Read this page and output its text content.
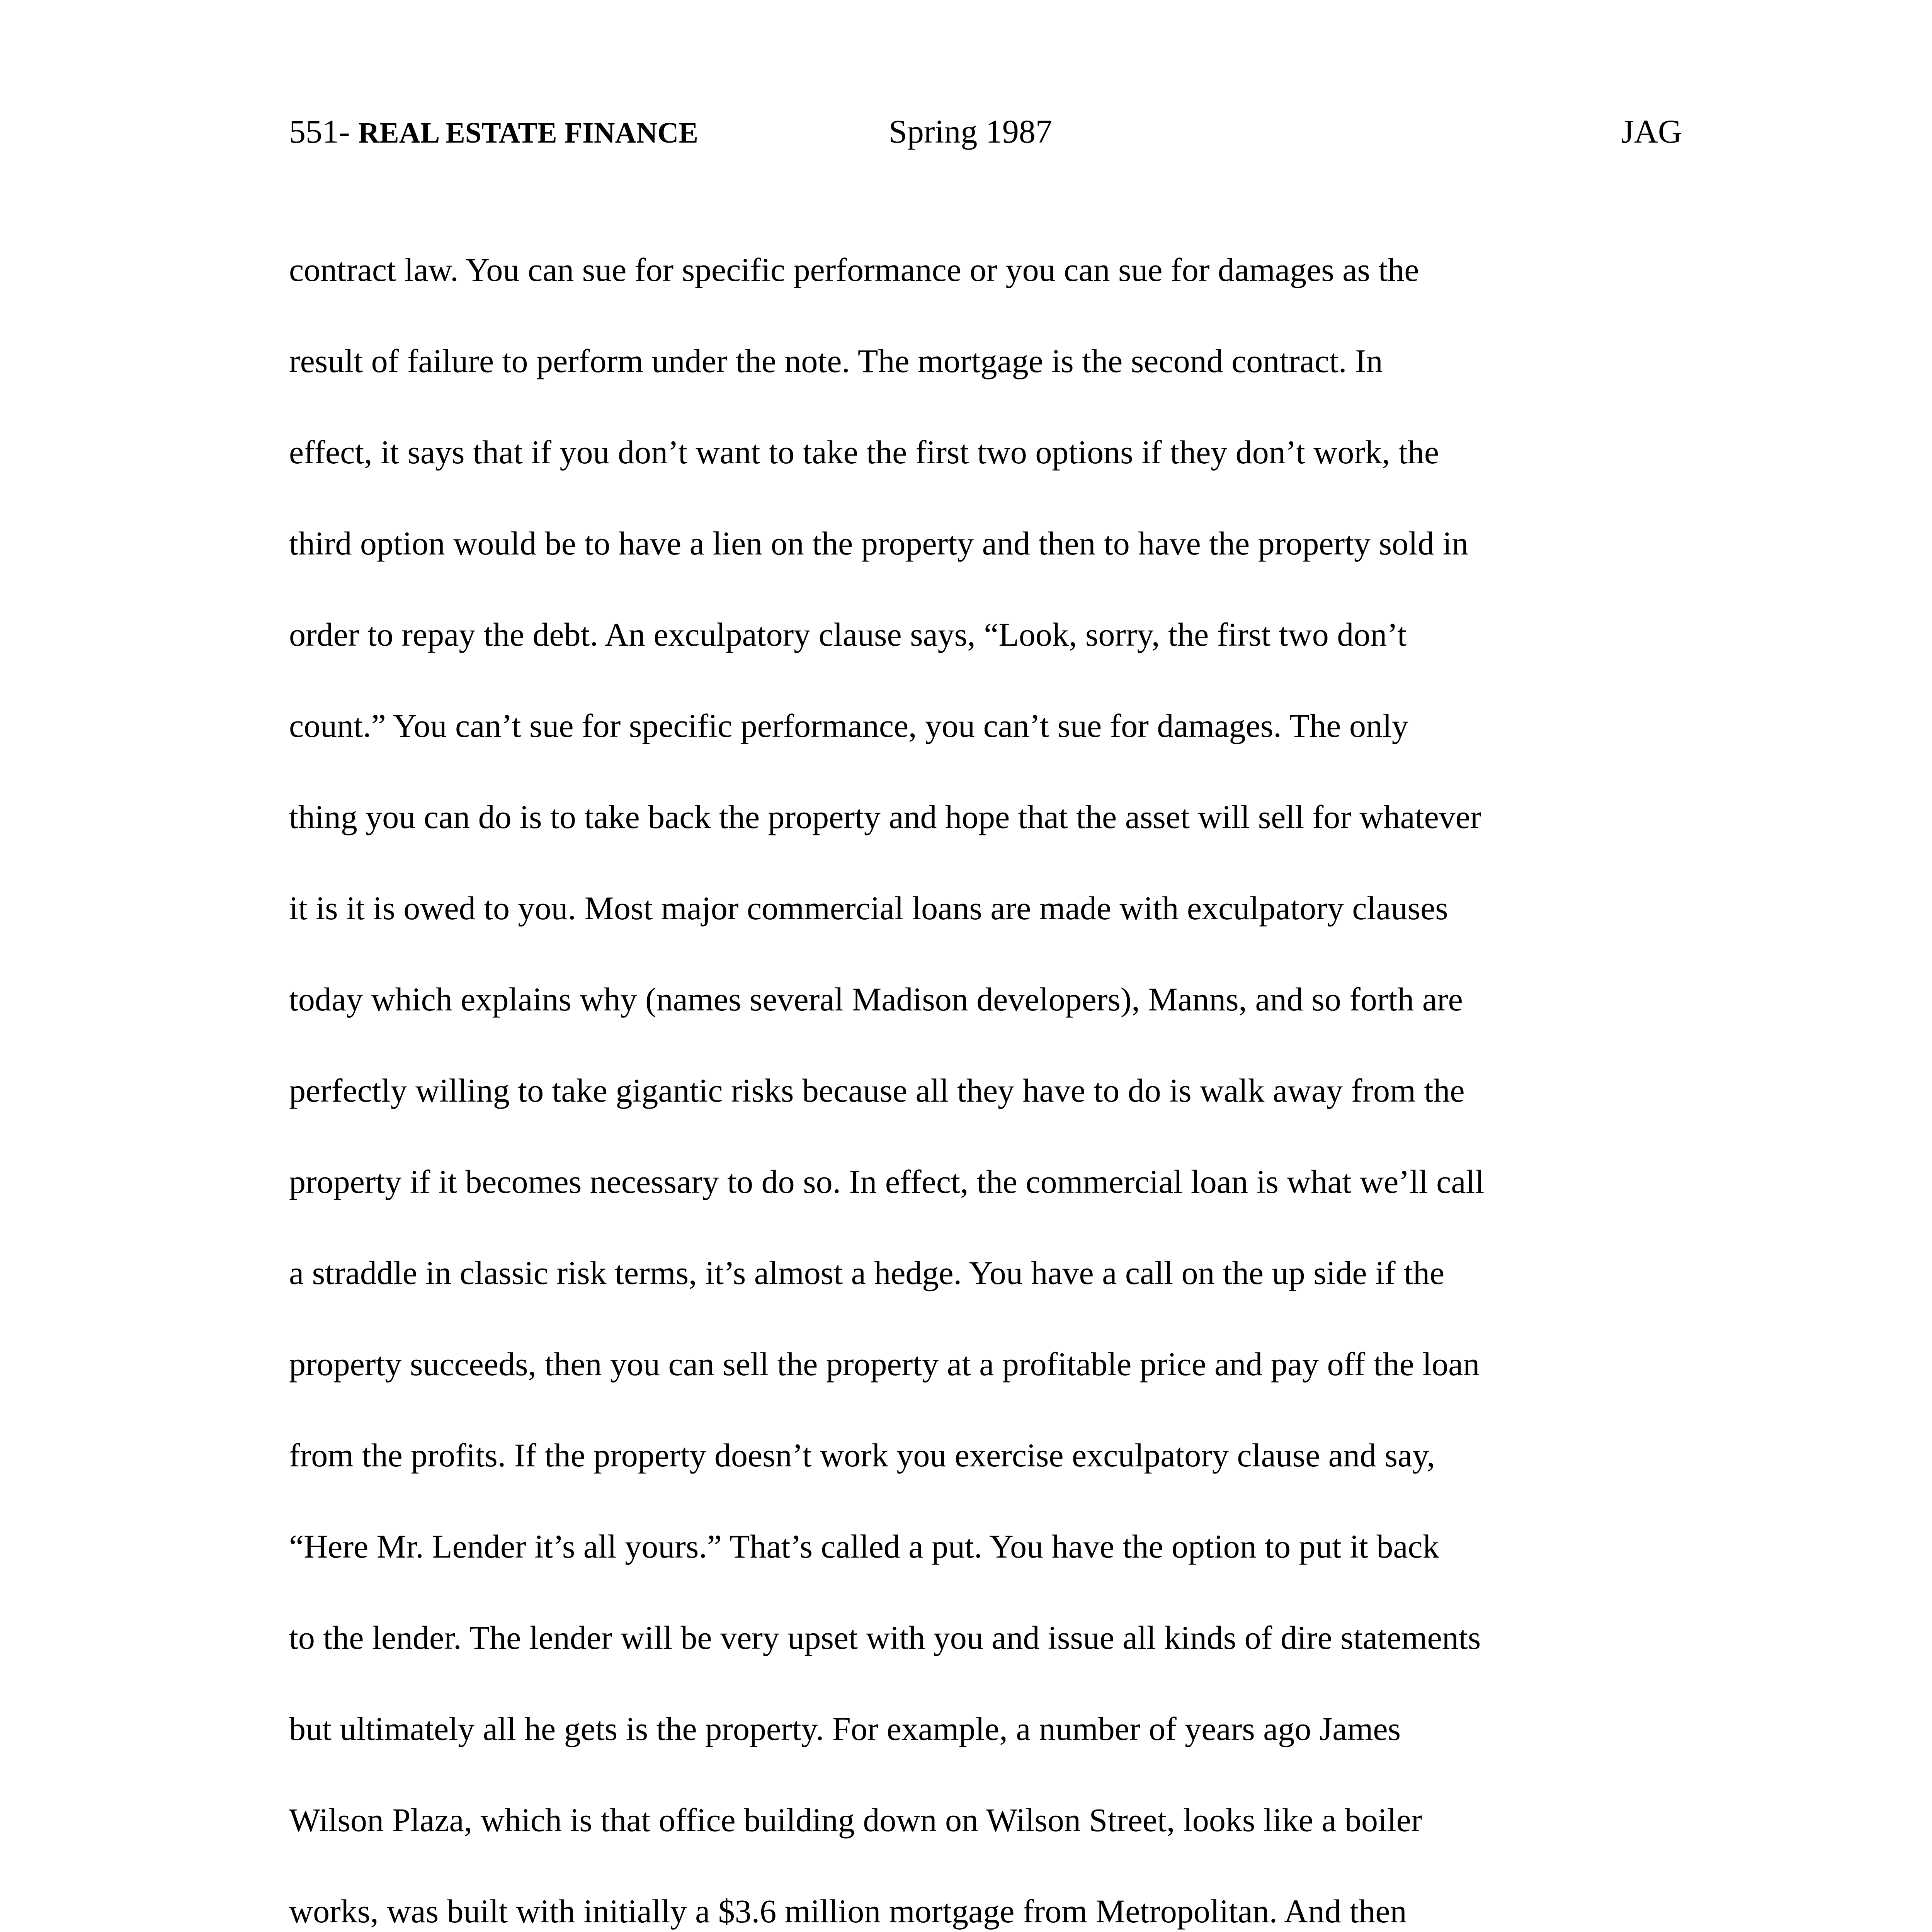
551- REAL ESTATE FINANCE	Spring 1987	JAG
contract law. You can sue for specific performance or you can sue for damages as the
result of failure to perform under the note. The mortgage is the second contract. In
effect, it says that if you don’t want to take the first two options if they don’t work, the
third option would be to have a lien on the property and then to have the property sold in
order to repay the debt. An exculpatory clause says, “Look, sorry, the first two don’t
count.” You can’t sue for specific performance, you can’t sue for damages. The only
thing you can do is to take back the property and hope that the asset will sell for whatever
it is it is owed to you. Most major commercial loans are made with exculpatory clauses
today which explains why (names several Madison developers), Manns, and so forth are
perfectly willing to take gigantic risks because all they have to do is walk away from the
property if it becomes necessary to do so. In effect, the commercial loan is what we’ll call
a straddle in classic risk terms, it’s almost a hedge. You have a call on the up side if the
property succeeds, then you can sell the property at a profitable price and pay off the loan
from the profits. If the property doesn’t work you exercise exculpatory clause and say,
“Here Mr. Lender it’s all yours.” That’s called a put. You have the option to put it back
to the lender. The lender will be very upset with you and issue all kinds of dire statements
but ultimately all he gets is the property. For example, a number of years ago James
Wilson Plaza, which is that office building down on Wilson Street, looks like a boiler
works, was built with initially a $3.6 million mortgage from Metropolitan. And then
